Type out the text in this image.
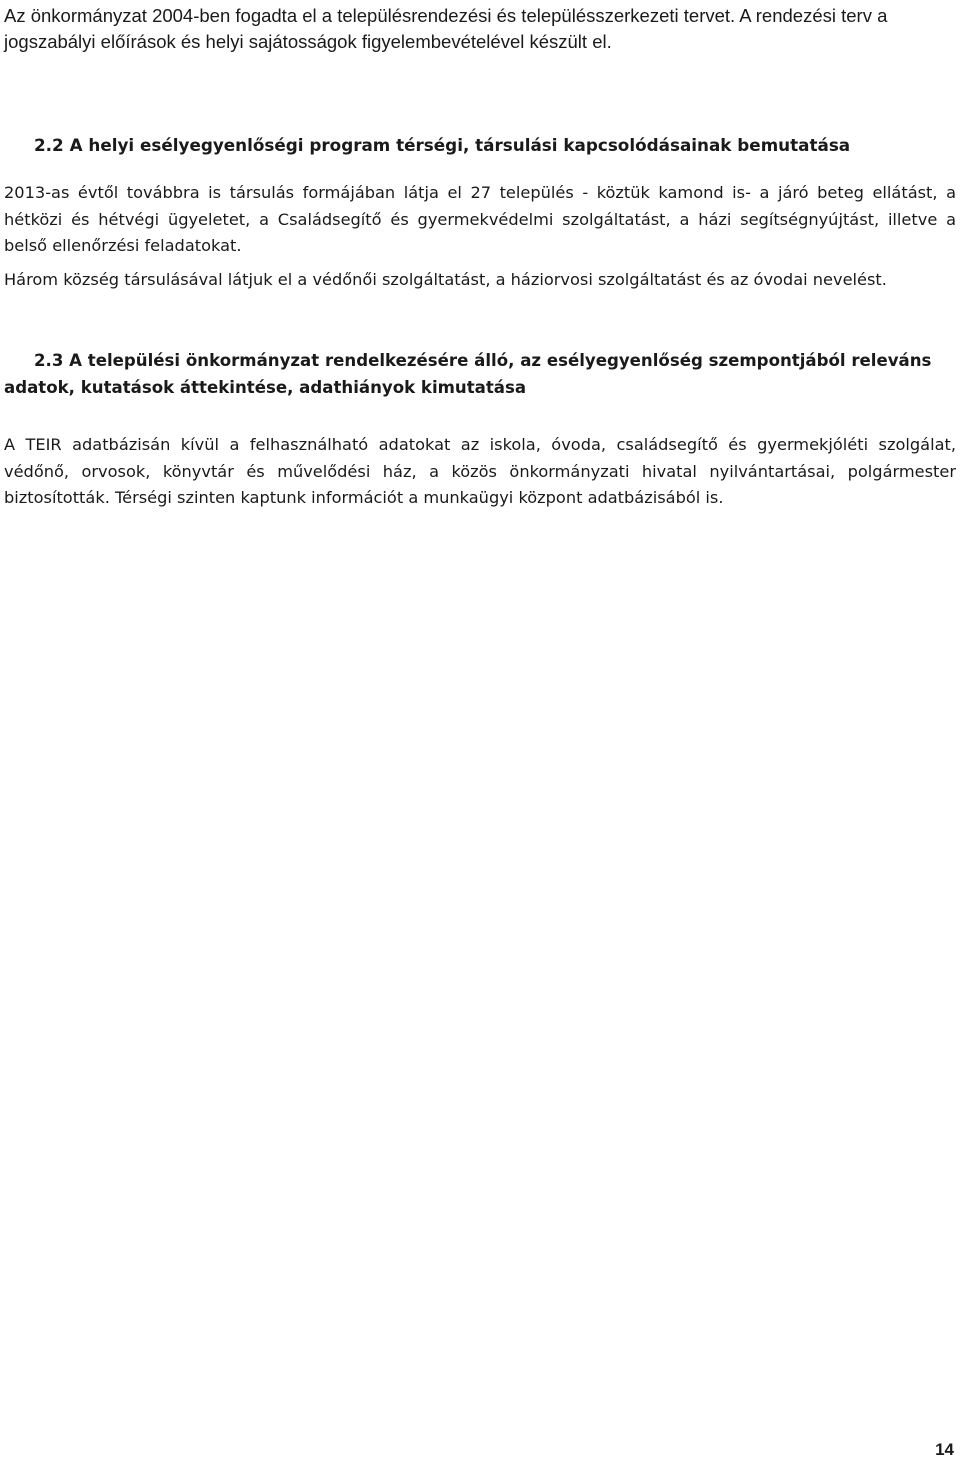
Az önkormányzat 2004-ben fogadta el a településrendezési és településszerkezeti tervet. A rendezési terv a jogszabályi előírások és helyi sajátosságok figyelembevételével készült el.

2.2 A helyi esélyegyenlőségi program térségi, társulási kapcsolódásainak bemutatása

2013-as évtől továbbra is társulás formájában látja el 27 település - köztük kamond is- a járó beteg ellátást, a hétközi és hétvégi ügyeletet, a Családsegítő és gyermekvédelmi szolgáltatást, a házi segítségnyújtást, illetve a belső ellenőrzési feladatokat.

Három község társulásával látjuk el a védőnői szolgáltatást, a háziorvosi szolgáltatást és az óvodai nevelést.

2.3 A települési önkormányzat rendelkezésére álló, az esélyegyenlőség szempontjából releváns adatok, kutatások áttekintése, adathiányok kimutatása

A TEIR adatbázisán kívül a felhasználható adatokat az iskola, óvoda, családsegítő és gyermekjóléti szolgálat, védőnő, orvosok, könyvtár és művelődési ház, a közös önkormányzati hivatal nyilvántartásai, polgármester biztosították. Térségi szinten kaptunk információt a munkaügyi központ adatbázisából is.

14
